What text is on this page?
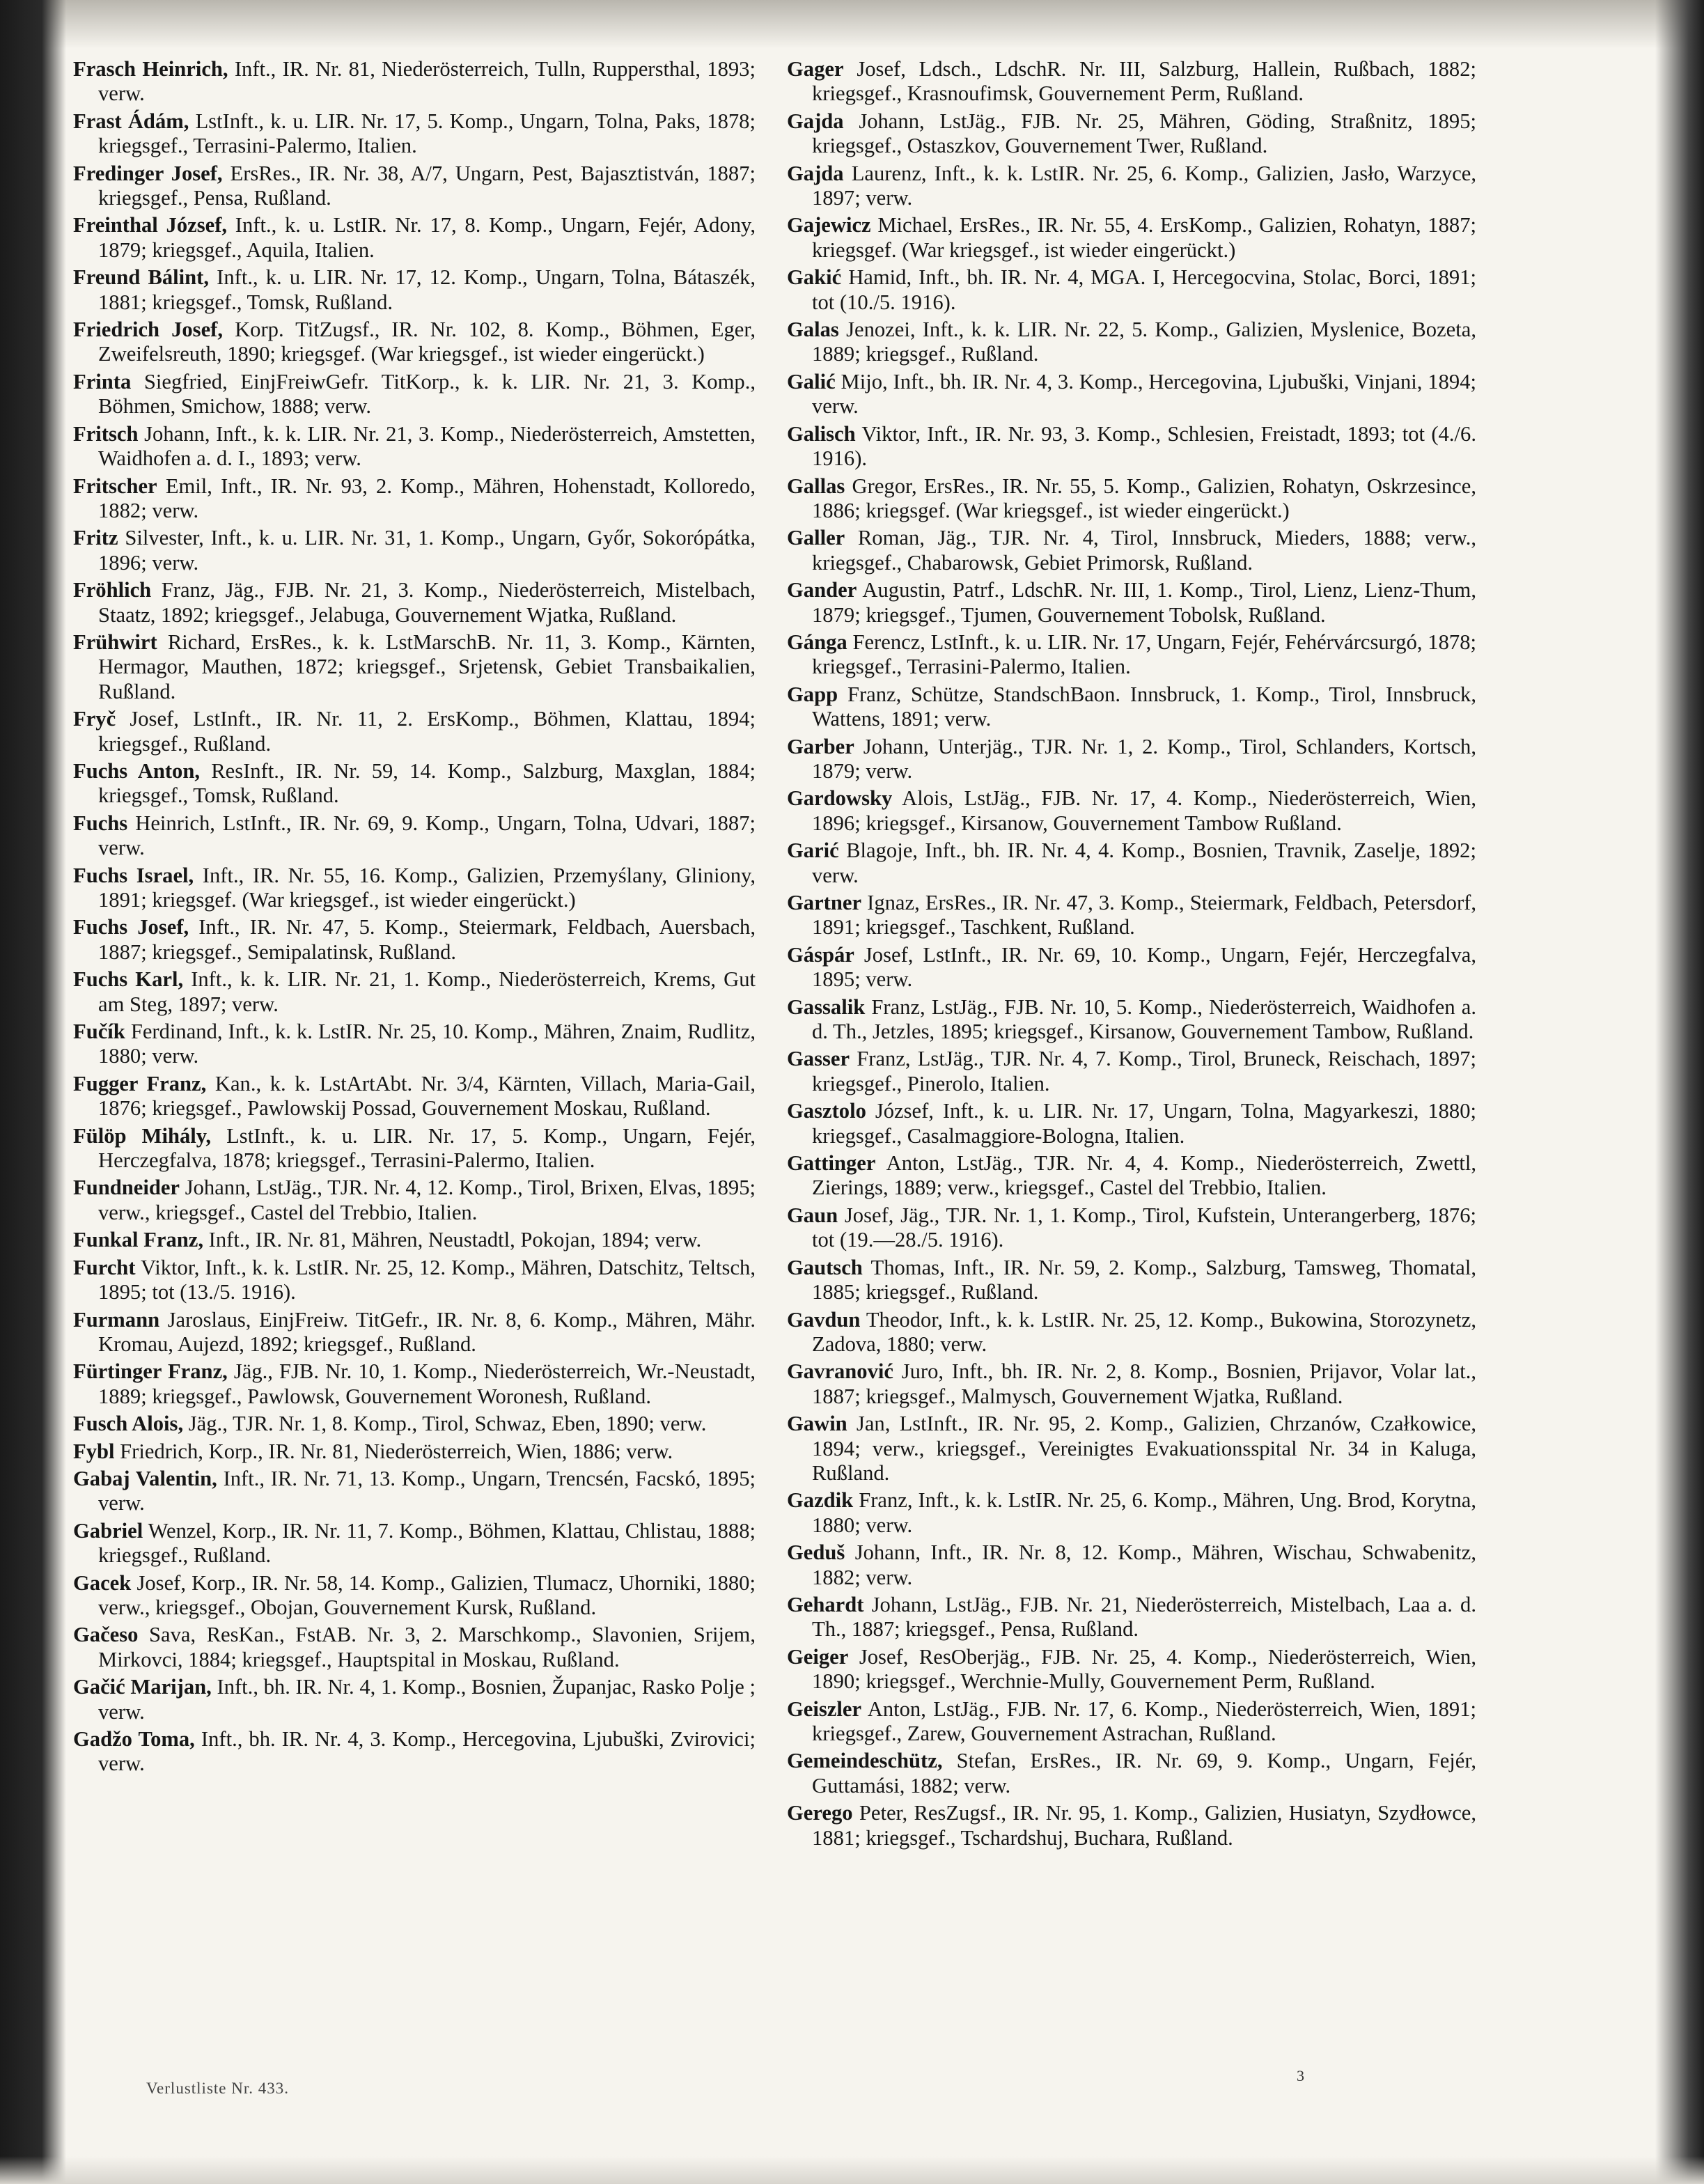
Frasch Heinrich, Inft., IR. Nr. 81, Niederösterreich, Tulln, Ruppersthal, 1893; verw.

Frast Ádám, LstInft., k. u. LIR. Nr. 17, 5. Komp., Ungarn, Tolna, Paks, 1878; kriegsgef., Terrasini-Palermo, Italien.

Fredinger Josef, ErsRes., IR. Nr. 38, A/7, Ungarn, Pest, Bajasztistván, 1887; kriegsgef., Pensa, Rußland.

Freinthal József, Inft., k. u. LstIR. Nr. 17, 8. Komp., Ungarn, Fejér, Adony, 1879; kriegsgef., Aquila, Italien.

Freund Bálint, Inft., k. u. LIR. Nr. 17, 12. Komp., Ungarn, Tolna, Bátaszék, 1881; kriegsgef., Tomsk, Rußland.

Friedrich Josef, Korp. TitZugsf., IR. Nr. 102, 8. Komp., Böhmen, Eger, Zweifelsreuth, 1890; kriegsgef. (War kriegsgef., ist wieder eingerückt.)

Frinta Siegfried, EinjFreiwGefr. TitKorp., k. k. LIR. Nr. 21, 3. Komp., Böhmen, Smichow, 1888; verw.

Fritsch Johann, Inft., k. k. LIR. Nr. 21, 3. Komp., Niederösterreich, Amstetten, Waidhofen a. d. I., 1893; verw.

Fritscher Emil, Inft., IR. Nr. 93, 2. Komp., Mähren, Hohenstadt, Kolloredo, 1882; verw.

Fritz Silvester, Inft., k. u. LIR. Nr. 31, 1. Komp., Ungarn, Győr, Sokorópátka, 1896; verw.

Fröhlich Franz, Jäg., FJB. Nr. 21, 3. Komp., Niederösterreich, Mistelbach, Staatz, 1892; kriegsgef., Jelabuga, Gouvernement Wjatka, Rußland.

Frühwirt Richard, ErsRes., k. k. LstMarschB. Nr. 11, 3. Komp., Kärnten, Hermagor, Mauthen, 1872; kriegsgef., Srjetensk, Gebiet Transbaikalien, Rußland.

Fryč Josef, LstInft., IR. Nr. 11, 2. ErsKomp., Böhmen, Klattau, 1894; kriegsgef., Rußland.

Fuchs Anton, ResInft., IR. Nr. 59, 14. Komp., Salzburg, Maxglan, 1884; kriegsgef., Tomsk, Rußland.

Fuchs Heinrich, LstInft., IR. Nr. 69, 9. Komp., Ungarn, Tolna, Udvari, 1887; verw.

Fuchs Israel, Inft., IR. Nr. 55, 16. Komp., Galizien, Przemyślany, Gliniony, 1891; kriegsgef. (War kriegsgef., ist wieder eingerückt.)

Fuchs Josef, Inft., IR. Nr. 47, 5. Komp., Steiermark, Feldbach, Auersbach, 1887; kriegsgef., Semipalatinsk, Rußland.

Fuchs Karl, Inft., k. k. LIR. Nr. 21, 1. Komp., Niederösterreich, Krems, Gut am Steg, 1897; verw.

Fučík Ferdinand, Inft., k. k. LstIR. Nr. 25, 10. Komp., Mähren, Znaim, Rudlitz, 1880; verw.

Fugger Franz, Kan., k. k. LstArtAbt. Nr. 3/4, Kärnten, Villach, Maria-Gail, 1876; kriegsgef., Pawlowskij Possad, Gouvernement Moskau, Rußland.

Fülöp Mihály, LstInft., k. u. LIR. Nr. 17, 5. Komp., Ungarn, Fejér, Herczegfalva, 1878; kriegsgef., Terrasini-Palermo, Italien.

Fundneider Johann, LstJäg., TJR. Nr. 4, 12. Komp., Tirol, Brixen, Elvas, 1895; verw., kriegsgef., Castel del Trebbio, Italien.

Funkal Franz, Inft., IR. Nr. 81, Mähren, Neustadtl, Pokojan, 1894; verw.

Furcht Viktor, Inft., k. k. LstIR. Nr. 25, 12. Komp., Mähren, Datschitz, Teltsch, 1895; tot (13./5. 1916).

Furmann Jaroslaus, EinjFreiw. TitGefr., IR. Nr. 8, 6. Komp., Mähren, Mähr. Kromau, Aujezd, 1892; kriegsgef., Rußland.

Fürtinger Franz, Jäg., FJB. Nr. 10, 1. Komp., Niederösterreich, Wr.-Neustadt, 1889; kriegsgef., Pawlowsk, Gouvernement Woronesh, Rußland.

Fusch Alois, Jäg., TJR. Nr. 1, 8. Komp., Tirol, Schwaz, Eben, 1890; verw.

Fybl Friedrich, Korp., IR. Nr. 81, Niederösterreich, Wien, 1886; verw.

Gabaj Valentin, Inft., IR. Nr. 71, 13. Komp., Ungarn, Trencsén, Facskó, 1895; verw.

Gabriel Wenzel, Korp., IR. Nr. 11, 7. Komp., Böhmen, Klattau, Chlistau, 1888; kriegsgef., Rußland.

Gacek Josef, Korp., IR. Nr. 58, 14. Komp., Galizien, Tlumacz, Uhorniki, 1880; verw., kriegsgef., Obojan, Gouvernement Kursk, Rußland.

Gačeso Sava, ResKan., FstAB. Nr. 3, 2. Marschkomp., Slavonien, Srijem, Mirkovci, 1884; kriegsgef., Hauptspital in Moskau, Rußland.

Gačić Marijan, Inft., bh. IR. Nr. 4, 1. Komp., Bosnien, Županjac, Rasko Polje ; verw.

Gadžo Toma, Inft., bh. IR. Nr. 4, 3. Komp., Hercegovina, Ljubuški, Zvirovici; verw.

Gager Josef, Ldsch., LdschR. Nr. III, Salzburg, Hallein, Rußbach, 1882; kriegsgef., Krasnoufimsk, Gouvernement Perm, Rußland.

Gajda Johann, LstJäg., FJB. Nr. 25, Mähren, Göding, Straßnitz, 1895; kriegsgef., Ostaszkov, Gouvernement Twer, Rußland.

Gajda Laurenz, Inft., k. k. LstIR. Nr. 25, 6. Komp., Galizien, Jasło, Warzyce, 1897; verw.

Gajewicz Michael, ErsRes., IR. Nr. 55, 4. ErsKomp., Galizien, Rohatyn, 1887; kriegsgef. (War kriegsgef., ist wieder eingerückt.)

Gakić Hamid, Inft., bh. IR. Nr. 4, MGA. I, Hercegocvina, Stolac, Borci, 1891; tot (10./5. 1916).

Galas Jenozei, Inft., k. k. LIR. Nr. 22, 5. Komp., Galizien, Myslenice, Bozeta, 1889; kriegsgef., Rußland.

Galić Mijo, Inft., bh. IR. Nr. 4, 3. Komp., Hercegovina, Ljubuški, Vinjani, 1894; verw.

Galisch Viktor, Inft., IR. Nr. 93, 3. Komp., Schlesien, Freistadt, 1893; tot (4./6. 1916).

Gallas Gregor, ErsRes., IR. Nr. 55, 5. Komp., Galizien, Rohatyn, Oskrzesince, 1886; kriegsgef. (War kriegsgef., ist wieder eingerückt.)

Galler Roman, Jäg., TJR. Nr. 4, Tirol, Innsbruck, Mieders, 1888; verw., kriegsgef., Chabarowsk, Gebiet Primorsk, Rußland.

Gander Augustin, Patrf., LdschR. Nr. III, 1. Komp., Tirol, Lienz, Lienz-Thum, 1879; kriegsgef., Tjumen, Gouvernement Tobolsk, Rußland.

Gánga Ferencz, LstInft., k. u. LIR. Nr. 17, Ungarn, Fejér, Fehérvárcsurgó, 1878; kriegsgef., Terrasini-Palermo, Italien.

Gapp Franz, Schütze, StandschBaon. Innsbruck, 1. Komp., Tirol, Innsbruck, Wattens, 1891; verw.

Garber Johann, Unterjäg., TJR. Nr. 1, 2. Komp., Tirol, Schlanders, Kortsch, 1879; verw.

Gardowsky Alois, LstJäg., FJB. Nr. 17, 4. Komp., Niederösterreich, Wien, 1896; kriegsgef., Kirsanow, Gouvernement Tambow Rußland.

Garić Blagoje, Inft., bh. IR. Nr. 4, 4. Komp., Bosnien, Travnik, Zaselje, 1892; verw.

Gartner Ignaz, ErsRes., IR. Nr. 47, 3. Komp., Steiermark, Feldbach, Petersdorf, 1891; kriegsgef., Taschkent, Rußland.

Gáspár Josef, LstInft., IR. Nr. 69, 10. Komp., Ungarn, Fejér, Herczegfalva, 1895; verw.

Gassalik Franz, LstJäg., FJB. Nr. 10, 5. Komp., Niederösterreich, Waidhofen a. d. Th., Jetzles, 1895; kriegsgef., Kirsanow, Gouvernement Tambow, Rußland.

Gasser Franz, LstJäg., TJR. Nr. 4, 7. Komp., Tirol, Bruneck, Reischach, 1897; kriegsgef., Pinerolo, Italien.

Gasztolo József, Inft., k. u. LIR. Nr. 17, Ungarn, Tolna, Magyarkeszi, 1880; kriegsgef., Casalmaggiore-Bologna, Italien.

Gattinger Anton, LstJäg., TJR. Nr. 4, 4. Komp., Niederösterreich, Zwettl, Zierings, 1889; verw., kriegsgef., Castel del Trebbio, Italien.

Gaun Josef, Jäg., TJR. Nr. 1, 1. Komp., Tirol, Kufstein, Unterangerberg, 1876; tot (19.—28./5. 1916).

Gautsch Thomas, Inft., IR. Nr. 59, 2. Komp., Salzburg, Tamsweg, Thomatal, 1885; kriegsgef., Rußland.

Gavdun Theodor, Inft., k. k. LstIR. Nr. 25, 12. Komp., Bukowina, Storozynetz, Zadova, 1880; verw.

Gavranović Juro, Inft., bh. IR. Nr. 2, 8. Komp., Bosnien, Prijavor, Volar lat., 1887; kriegsgef., Malmysch, Gouvernement Wjatka, Rußland.

Gawin Jan, LstInft., IR. Nr. 95, 2. Komp., Galizien, Chrzanów, Czałkowice, 1894; verw., kriegsgef., Vereinigtes Evakuationsspital Nr. 34 in Kaluga, Rußland.

Gazdik Franz, Inft., k. k. LstIR. Nr. 25, 6. Komp., Mähren, Ung. Brod, Korytna, 1880; verw.

Geduš Johann, Inft., IR. Nr. 8, 12. Komp., Mähren, Wischau, Schwabenitz, 1882; verw.

Gehardt Johann, LstJäg., FJB. Nr. 21, Niederösterreich, Mistelbach, Laa a. d. Th., 1887; kriegsgef., Pensa, Rußland.

Geiger Josef, ResOberjäg., FJB. Nr. 25, 4. Komp., Niederösterreich, Wien, 1890; kriegsgef., Werchnie-Mully, Gouvernement Perm, Rußland.

Geiszler Anton, LstJäg., FJB. Nr. 17, 6. Komp., Niederösterreich, Wien, 1891; kriegsgef., Zarew, Gouvernement Astrachan, Rußland.

Gemeindeschütz, Stefan, ErsRes., IR. Nr. 69, 9. Komp., Ungarn, Fejér, Guttamási, 1882; verw.

Gerego Peter, ResZugsf., IR. Nr. 95, 1. Komp., Galizien, Husiatyn, Szydłowce, 1881; kriegsgef., Tschardshuj, Buchara, Rußland.

Verlustliste Nr. 433.
3
